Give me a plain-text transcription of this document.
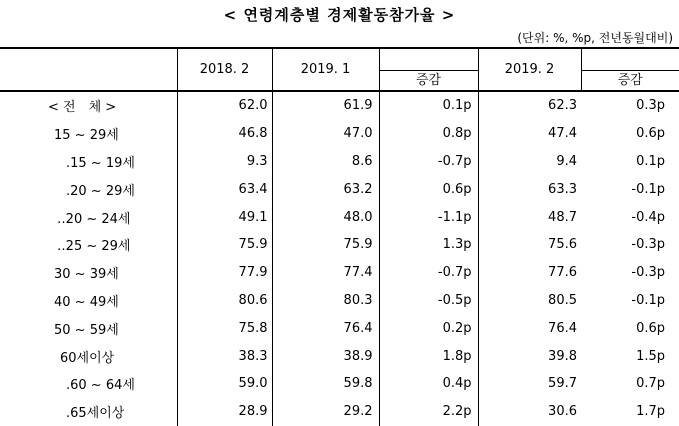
< 연령계층별 경제활동참가율 >
(단위: %, %p, 전년동월대비)
	2018. 2	2019. 1	증감	2019. 2	증감

< 전　체 >	62.0	61.9	0.1p	62.3	0.3p
15 ~ 29세	46.8	47.0	0.8p	47.4	0.6p
.15 ~ 19세	9.3	8.6	-0.7p	9.4	0.1p
.20 ~ 29세	63.4	63.2	0.6p	63.3	-0.1p
‥20 ~ 24세	49.1	48.0	-1.1p	48.7	-0.4p
‥25 ~ 29세	75.9	75.9	1.3p	75.6	-0.3p
30 ~ 39세	77.9	77.4	-0.7p	77.6	-0.3p
40 ~ 49세	80.6	80.3	-0.5p	80.5	-0.1p
50 ~ 59세	75.8	76.4	0.2p	76.4	0.6p
60세이상	38.3	38.9	1.8p	39.8	1.5p
.60 ~ 64세	59.0	59.8	0.4p	59.7	0.7p
.65세이상	28.9	29.2	2.2p	30.6	1.7p
